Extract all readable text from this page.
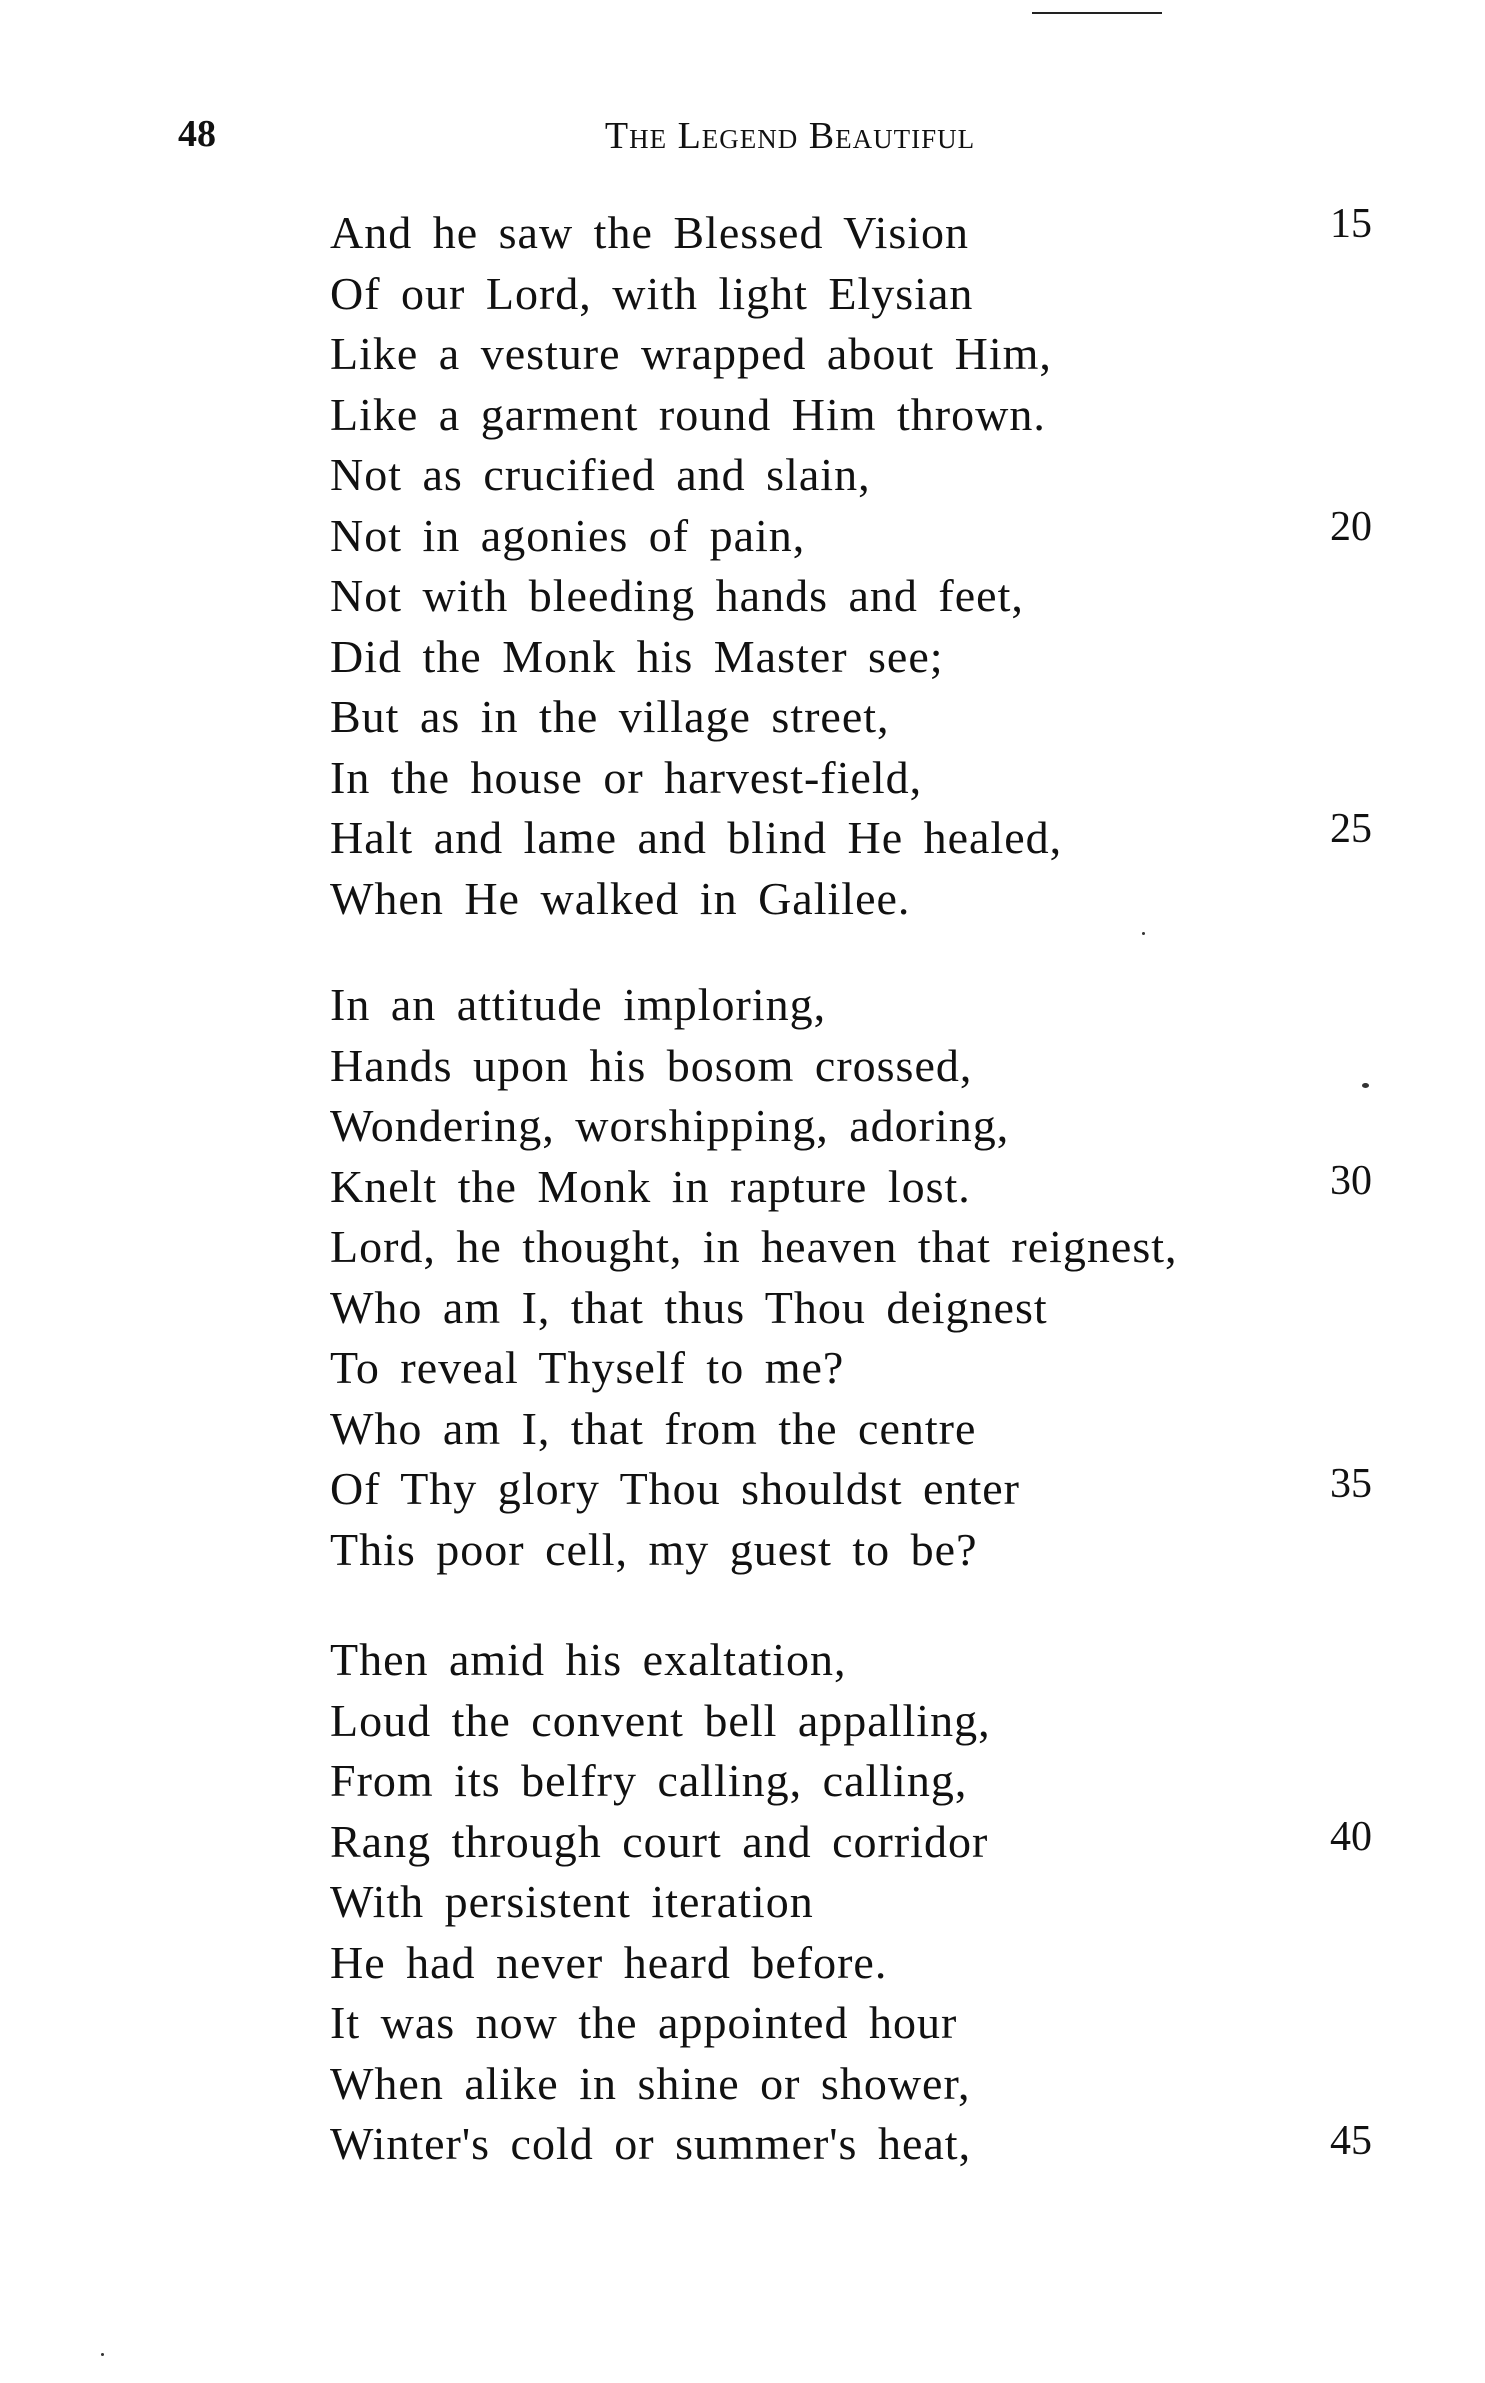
48	The Legend Beautiful
And he saw the Blessed Vision
Of our Lord, with light Elysian
Like a vesture wrapped about Him,
Like a garment round Him thrown.
Not as crucified and slain,
Not in agonies of pain,
Not with bleeding hands and feet,
Did the Monk his Master see;
But as in the village street,
In the house or harvest-field,
Halt and lame and blind He healed,
When He walked in Galilee.
In an attitude imploring,
Hands upon his bosom crossed,
Wondering, worshipping, adoring,
Knelt the Monk in rapture lost.
Lord, he thought, in heaven that reignest,
Who am I, that thus Thou deignest
To reveal Thyself to me?
Who am I, that from the centre
Of Thy glory Thou shouldst enter
This poor cell, my guest to be?
Then amid his exaltation,
Loud the convent bell appalling,
From its belfry calling, calling,
Rang through court and corridor
With persistent iteration
He had never heard before.
It was now the appointed hour
When alike in shine or shower,
Winter's cold or summer's heat,
15
20
25
30
35
40
45
